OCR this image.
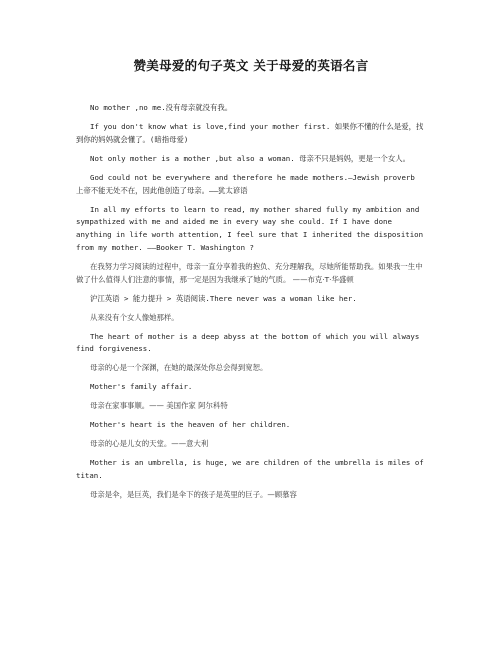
赞美母爱的句子英文 关于母爱的英语名言

No mother ,no me.没有母亲就没有我。

If you don't know what is love,find your mother first. 如果你不懂的什么是爱，找到你的妈妈就会懂了。(暗指母爱)

Not only mother is a mother ,but also a woman. 母亲不只是妈妈，更是一个女人。

God could not be everywhere and therefore he made mothers.—Jewish proverb 上帝不能无处不在，因此他创造了母亲。——犹太谚语

In all my efforts to learn to read, my mother shared fully my ambition and sympathized with me and aided me in every way she could. If I have done anything in life worth attention, I feel sure that I inherited the disposition from my mother. ——Booker T. Washington ?

在我努力学习阅读的过程中，母亲一直分享着我的抱负、充分理解我，尽她所能帮助我。如果我一生中做了什么值得人们注意的事情，那一定是因为我继承了她的气质。 ——布克·T·华盛顿

沪江英语 > 能力提升 > 英语阅读.There never was a woman like her.

从来没有个女人像她那样。

The heart of mother is a deep abyss at the bottom of which you will always find forgiveness.

母亲的心是一个深渊，在她的最深处你总会得到宽恕。

Mother's family affair.

母亲在家事事顺。—— 美国作家 阿尔科特

Mother's heart is the heaven of her children.

母亲的心是儿女的天堂。——意大利

Mother is an umbrella, is huge, we are children of the umbrella is miles of titan.

母亲是伞，是巨英，我们是伞下的孩子是英里的巨子。—顾慕容
